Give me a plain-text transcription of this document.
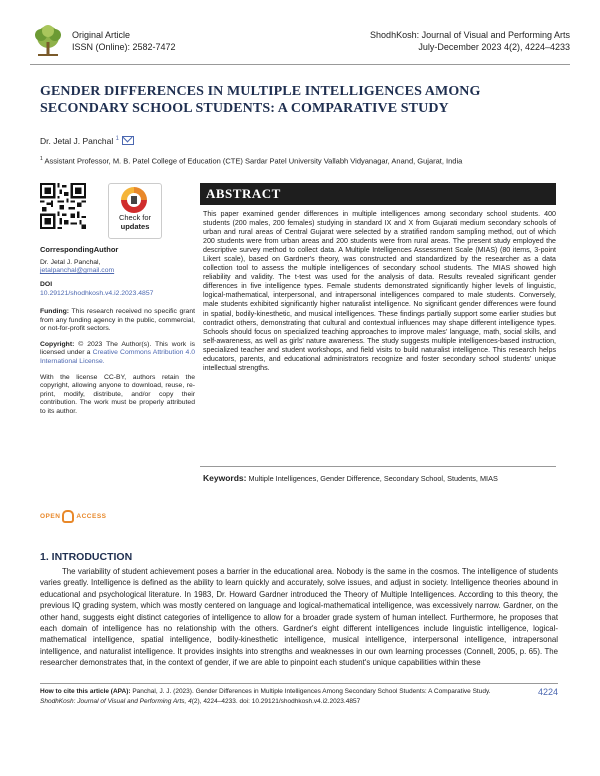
Original Article
ISSN (Online): 2582-7472
ShodhKosh: Journal of Visual and Performing Arts
July-December 2023 4(2), 4224–4233
GENDER DIFFERENCES IN MULTIPLE INTELLIGENCES AMONG SECONDARY SCHOOL STUDENTS: A COMPARATIVE STUDY
Dr. Jetal J. Panchal $^1$
$^1$ Assistant Professor, M. B. Patel College of Education (CTE) Sardar Patel University Vallabh Vidyanagar, Anand, Gujarat, India
Check for
updates

CorrespondingAuthor

Dr. Jetal J. Panchal,

jetalpanchal@gmail.com

DOI

10.29121/shodhkosh.v4.i2.2023.4857

Funding: This research received no specific grant from any funding agency in the public, commercial, or not-for-profit sectors.

Copyright: © 2023 The Author(s). This work is licensed under a Creative Commons Attribution 4.0 International License.

With the license CC-BY, authors retain the copyright, allowing anyone to download, reuse, re-print, modify, distribute, and/or copy their contribution. The work must be properly attributed to its author.

OPEN ACCESS
ABSTRACT
This paper examined gender differences in multiple intelligences among secondary school students. 400 students (200 males, 200 females) studying in standard IX and X from Gujarati medium secondary schools of urban and rural areas of Central Gujarat were selected by a stratified random sampling method, out of which 200 students were from urban areas and 200 students were from rural areas. The present study employed the descriptive survey method to collect data. A Multiple Intelligences Assessment Scale (MIAS) (80 items, 3-point Likert scale), based on Gardner's theory, was constructed and standardized by the researcher as a data collection tool to assess the multiple intelligences of secondary school students. The MIAS showed high reliability and validity. The t-test was used for the analysis of data. Results revealed significant gender differences in five intelligence types. Female students demonstrated significantly higher levels of linguistic, logical-mathematical, interpersonal, and intrapersonal intelligences compared to male students. Conversely, male students exhibited significantly higher naturalist intelligence. No significant gender differences were found in spatial, bodily-kinesthetic, and musical intelligences. These findings partially support some earlier studies but contradict others, demonstrating that cultural and contextual influences may shape different intelligence types. Schools should focus on specialized teaching approaches to improve males' language, math, social skills, and self-awareness, as well as girls' nature awareness. The study suggests multiple intelligences-based instruction, specialized teacher and student workshops, and field visits to build naturalist intelligence. This research helps educators, parents, and educational administrators recognize and foster secondary school students' unique intellectual strengths.
Keywords: Multiple Intelligences, Gender Difference, Secondary School, Students, MIAS
1. INTRODUCTION
The variability of student achievement poses a barrier in the educational area. Nobody is the same in the cosmos. The intelligence of students varies greatly. Intelligence is defined as the ability to learn quickly and accurately, solve issues, and adjust in society. Intelligence theories abound in educational and psychological literature. In 1983, Dr. Howard Gardner introduced the Theory of Multiple Intelligences. According to this theory, the previous IQ grading system, which was mostly centered on language and logical-mathematical intelligence, was excessively narrow. Gardner, on the other hand, suggests eight distinct categories of intelligence to allow for a broader grade system of human intellect. Furthermore, he proposes that each domain of intelligence has no relationship with the others. Gardner's eight different intelligences include linguistic intelligence, logical-mathematical intelligence, spatial intelligence, bodily-kinesthetic intelligence, musical intelligence, interpersonal intelligence, intrapersonal intelligence, and naturalist intelligence. It provides insights into strengths and weaknesses in our own learning processes (Connell, 2005, p. 65). The researcher demonstrates that, in the context of gender, if we are able to pinpoint each student's unique capabilities within these
How to cite this article (APA): Panchal, J. J. (2023). Gender Differences in Multiple Intelligences Among Secondary School Students: A Comparative Study. ShodhKosh: Journal of Visual and Performing Arts, 4(2), 4224–4233. doi: 10.29121/shodhkosh.v4.i2.2023.4857
4224
